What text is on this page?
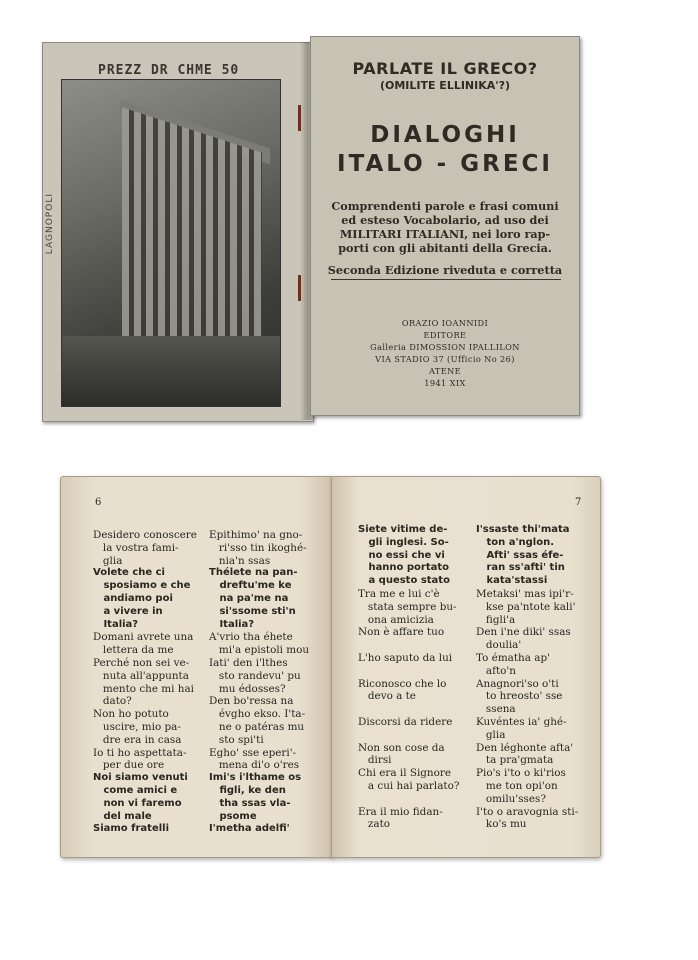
PREZZ DR CHME 50
LAGNOPOLI
PARLATE IL GRECO?
(OMILITE ELLINIKA'?)
DIALOGHI
ITALO - GRECI
Comprendenti parole e frasi comuni
ed esteso Vocabolario, ad uso dei
MILITARI ITALIANI, nei loro rap-
porti con gli abitanti della Grecia.
Seconda Edizione riveduta e corretta
ORAZIO IOANNIDI
EDITORE
Galleria DIMOSSION IPALLILON
VIA STADIO 37 (Ufficio No 26)
ATENE
1941 XIX
6
Desidero conoscere
la vostra fami-
glia
Volete che ci
sposiamo e che
andiamo poi
a vivere in
Italia?
Domani avrete una
lettera da me
Perché non sei ve-
nuta all'appunta
mento che mi hai
dato?
Non ho potuto
uscire, mio pa-
dre era in casa
Io ti ho aspettata-
per due ore
Noi siamo venuti
come amici e
non vi faremo
del male
Siamo fratelli
Epithimo' na gno-
ri'sso tin ikoghé-
nia'n ssas
Thélete na pan-
dreftu'me ke
na pa'me na
si'ssome sti'n
Italia?
A'vrio tha éhete
mi'a epistoli mou
Iati' den i'lthes
sto randevu' pu
mu édosses?
Den bo'ressa na
évgho ekso. I'ta-
ne o patéras mu
sto spi'ti
Egho' sse eperi'-
mena di'o o'res
Imi's i'lthame os
figli, ke den
tha ssas vla-
psome
I'metha adelfi'
7
Siete vitime de-
gli inglesi. So-
no essi che vi
hanno portato
a questo stato
Tra me e lui c'è
stata sempre bu-
ona amicizia
Non è affare tuo

L'ho saputo da lui

Riconosco che lo
devo a te

Discorsi da ridere

Non son cose da
dirsi
Chi era il Signore
a cui hai parlato?

Era il mio fidan-
zato
I'ssaste thi'mata
ton a'nglon.
Afti' ssas éfe-
ran ss'afti' tin
kata'stassi
Metaksi' mas ipi'r-
kse pa'ntote kali'
figli'a
Den i'ne diki' ssas
doulia'
To ématha ap'
afto'n
Anagnori'so o'ti
to hreosto' sse
ssena
Kuvéntes ia' ghé-
glia
Den léghonte afta'
ta pra'gmata
Pio's i'to o ki'rios
me ton opi'on
omilu'sses?
I'to o aravognia sti-
ko's mu
